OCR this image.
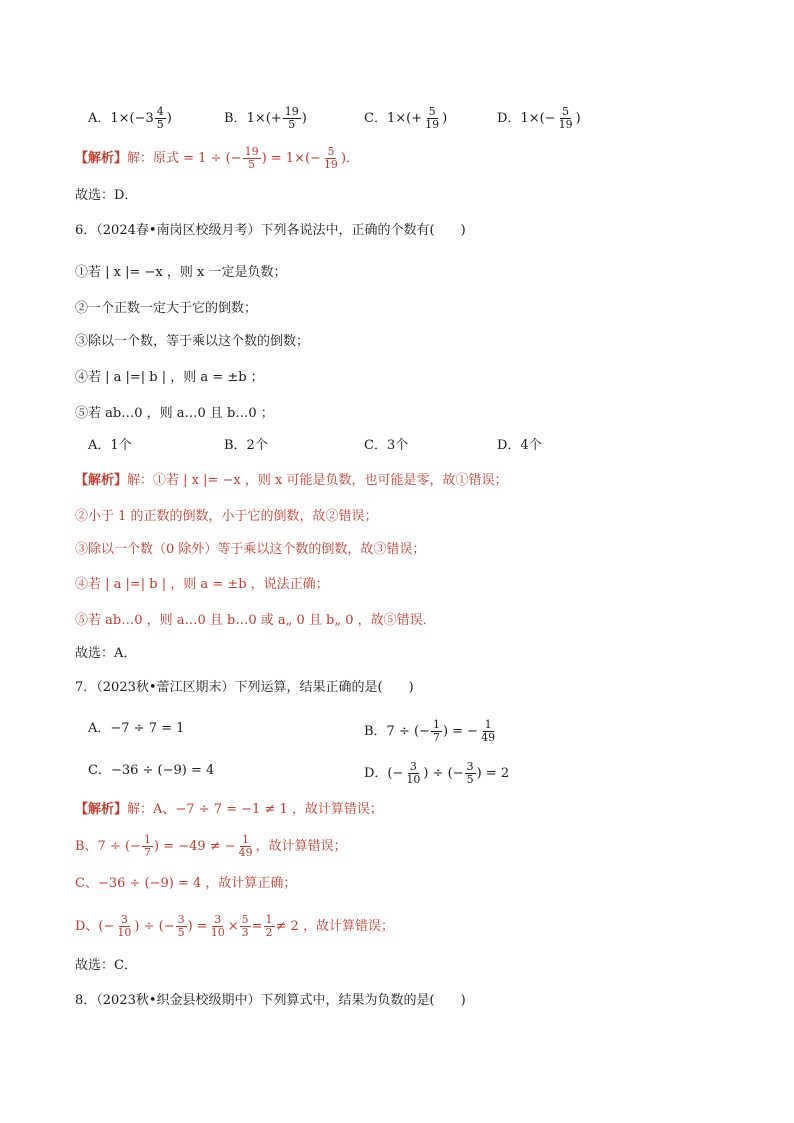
A．$1\times(-3 \frac{4}{5}$ )	B．$1\times(+ \frac{19}{5}$ )	C．$1\times(+ \frac{5}{19}$ )	D．$1\times(- \frac{5}{19}$ )
【解析】解：原式 = 1 ÷ (− $\frac{19}{5}$ ) = $1\times(- \frac{5}{19}$ )．
故选：D．
6．（2024春•南岗区校级月考）下列各说法中，正确的个数有(　　)
①若 | x |= −x ，则 x 一定是负数；
②一个正数一定大于它的倒数；
③除以一个数，等于乘以这个数的倒数；
④若 | a |=| b | ，则 a = ±b ；
⑤若 ab…0 ，则 a…0 且 b…0 ；
A．1个	B．2个	C．3个	D．4个
【解析】解：①若 | x |= −x ，则 x 可能是负数，也可能是零，故①错误；
②小于 1 的正数的倒数，小于它的倒数，故②错误；
③除以一个数（0 除外）等于乘以这个数的倒数，故③错误；
④若 | a |=| b | ，则 a = ±b ，说法正确；
⑤若 ab…0 ，则 a…0 且 b…0 或 a„ 0 且 b„ 0 ，故⑤错误．
故选：A．
7．（2023秋•蕾江区期末）下列运算，结果正确的是(　　)
A．−7 ÷ 7 = 1	B．7 ÷ (− $\frac{1}{7}$ ) = − $\frac{1}{49}$
C．−36 ÷ (−9) = 4	D．(− $\frac{3}{10}$ ) ÷ (− $\frac{3}{5}$ ) = 2
【解析】解：A、−7 ÷ 7 = −1 ≠ 1 ，故计算错误；
B、7 ÷ (− $\frac{1}{7}$ ) = −49 ≠ − $\frac{1}{49}$ ，故计算错误；
C、−36 ÷ (−9) = 4 ，故计算正确；
D、(− $\frac{3}{10}$ ) ÷ (− $\frac{3}{5}$ ) = $\frac{3}{10} \times \frac{5}{3} = \frac{1}{2} \ne 2$ ，故计算错误；
故选：C．
8．（2023秋•织金县校级期中）下列算式中，结果为负数的是(　　)
